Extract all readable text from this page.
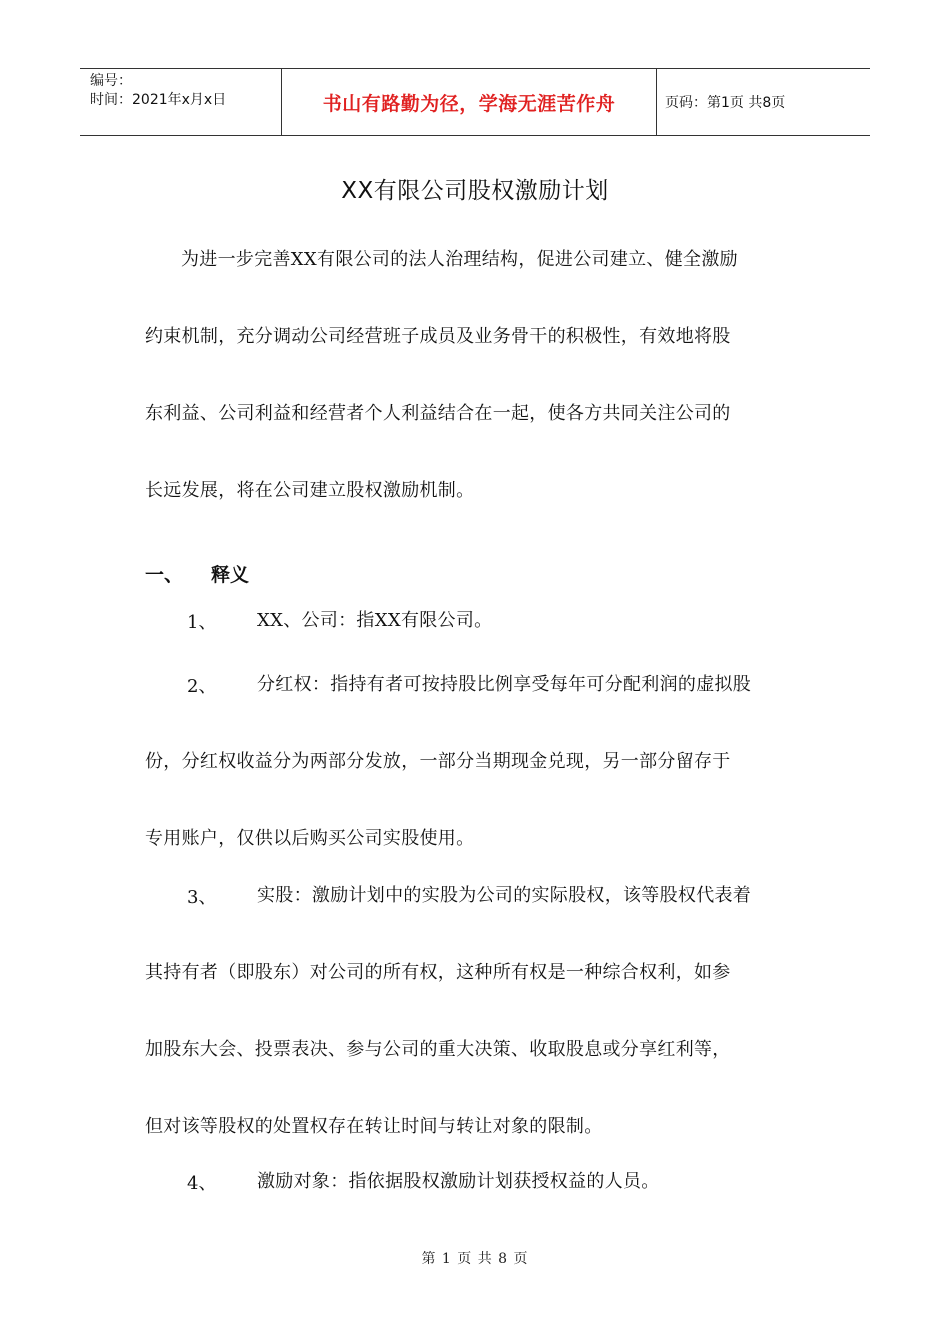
编号：
时间：2021年x月x日	书山有路勤为径，学海无涯苦作舟	页码：第1页 共8页
XX有限公司股权激励计划
为进一步完善XX有限公司的法人治理结构，促进公司建立、健全激励
约束机制，充分调动公司经营班子成员及业务骨干的积极性，有效地将股
东利益、公司利益和经营者个人利益结合在一起，使各方共同关注公司的
长远发展，将在公司建立股权激励机制。
一、 释义
1、	XX、公司：指XX有限公司。
2、	分红权：指持有者可按持股比例享受每年可分配利润的虚拟股
份，分红权收益分为两部分发放，一部分当期现金兑现，另一部分留存于
专用账户，仅供以后购买公司实股使用。
3、	实股：激励计划中的实股为公司的实际股权，该等股权代表着
其持有者（即股东）对公司的所有权，这种所有权是一种综合权利，如参
加股东大会、投票表决、参与公司的重大决策、收取股息或分享红利等，
但对该等股权的处置权存在转让时间与转让对象的限制。
4、	激励对象：指依据股权激励计划获授权益的人员。
第 1 页 共 8 页
